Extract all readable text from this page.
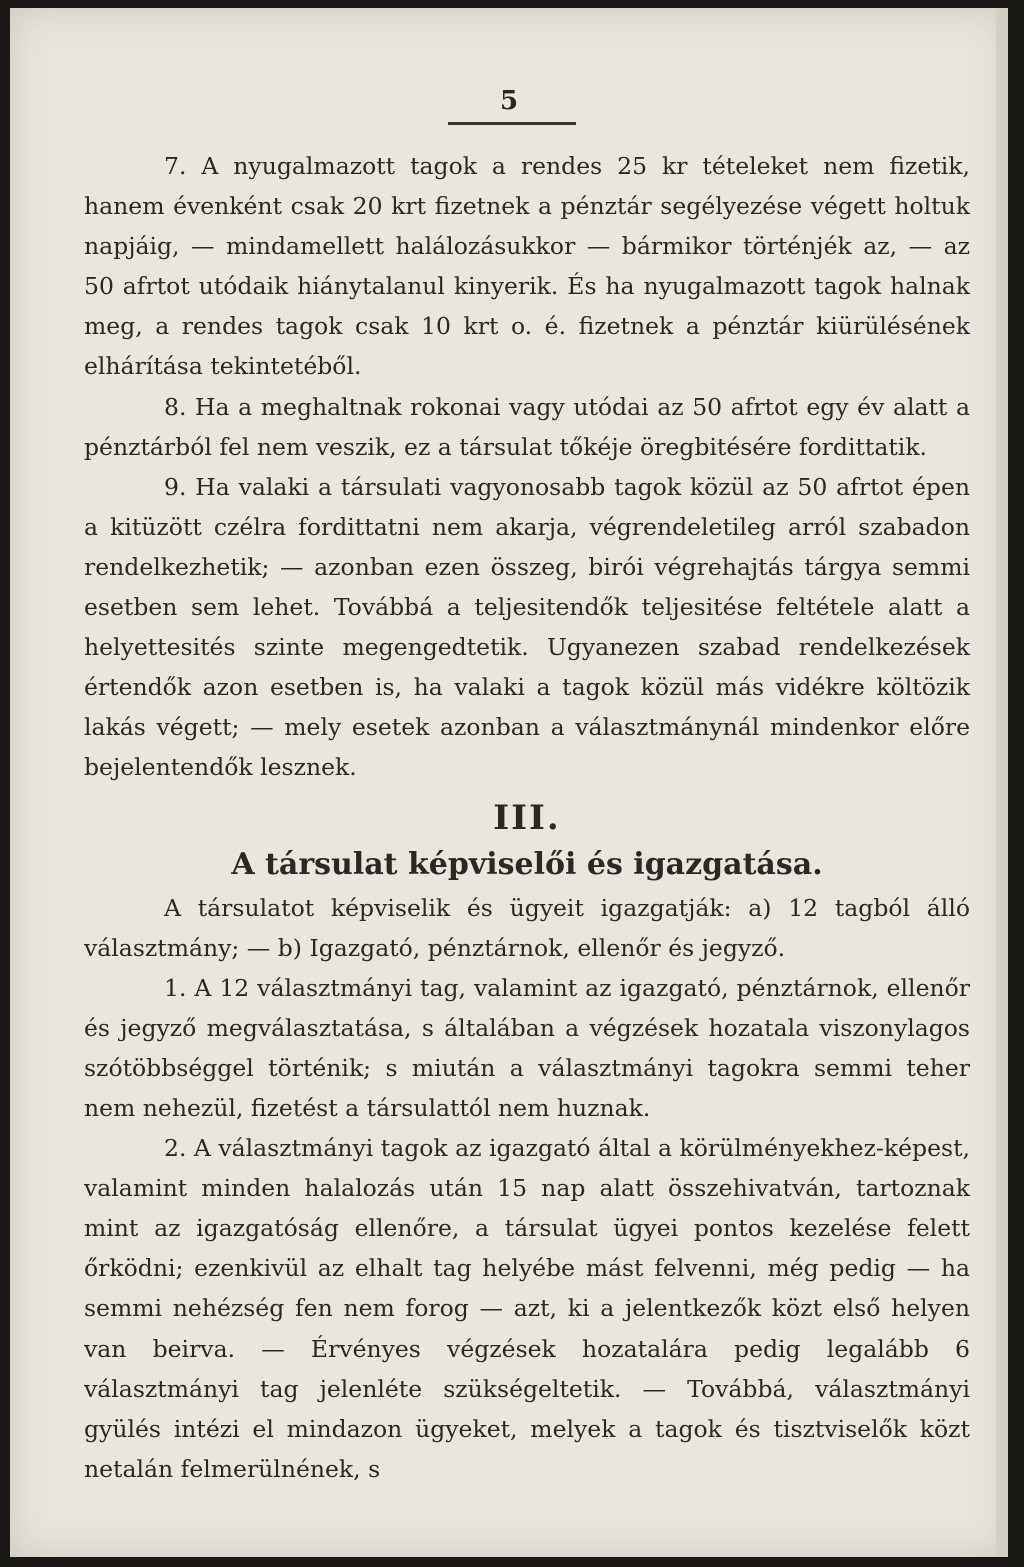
5

7. A nyugalmazott tagok a rendes 25 kr tételeket nem fizetik, hanem évenként csak 20 krt fizetnek a pénztár segélyezése végett holtuk napjáig, — mindamellett halálozásukkor — bármikor történjék az, — az 50 afrtot utódaik hiánytalanul kinyerik. És ha nyugalmazott tagok halnak meg, a rendes tagok csak 10 krt o. é. fizetnek a pénztár kiürülésének elhárítása tekintetéből.

8. Ha a meghaltnak rokonai vagy utódai az 50 afrtot egy év alatt a pénztárból fel nem veszik, ez a társulat tőkéje öregbitésére fordittatik.

9. Ha valaki a társulati vagyonosabb tagok közül az 50 afrtot épen a kitüzött czélra fordittatni nem akarja, végrendeletileg arról szabadon rendelkezhetik; — azonban ezen összeg, birói végrehajtás tárgya semmi esetben sem lehet. Továbbá a teljesitendők teljesitése feltétele alatt a helyettesités szinte megengedtetik. Ugyanezen szabad rendelkezések értendők azon esetben is, ha valaki a tagok közül más vidékre költözik lakás végett; — mely esetek azonban a választmánynál mindenkor előre bejelentendők lesznek.

III.
A társulat képviselői és igazgatása.

A társulatot képviselik és ügyeit igazgatják: a) 12 tagból álló választmány; — b) Igazgató, pénztárnok, ellenőr és jegyző.

1. A 12 választmányi tag, valamint az igazgató, pénztárnok, ellenőr és jegyző megválasztatása, s általában a végzések hozatala viszonylagos szótöbbséggel történik; s miután a választmányi tagokra semmi teher nem nehezül, fizetést a társulattól nem huznak.

2. A választmányi tagok az igazgató által a körülményekhez-képest, valamint minden halalozás után 15 nap alatt összehivatván, tartoznak mint az igazgatóság ellenőre, a társulat ügyei pontos kezelése felett őrködni; ezenkivül az elhalt tag helyébe mást felvenni, még pedig — ha semmi nehézség fen nem forog — azt, ki a jelentkezők közt első helyen van beirva. — Érvényes végzések hozatalára pedig legalább 6 választmányi tag jelenléte szükségeltetik. — Továbbá, választmányi gyülés intézi el mindazon ügyeket, melyek a tagok és tisztviselők közt netalán felmerülnének, s
